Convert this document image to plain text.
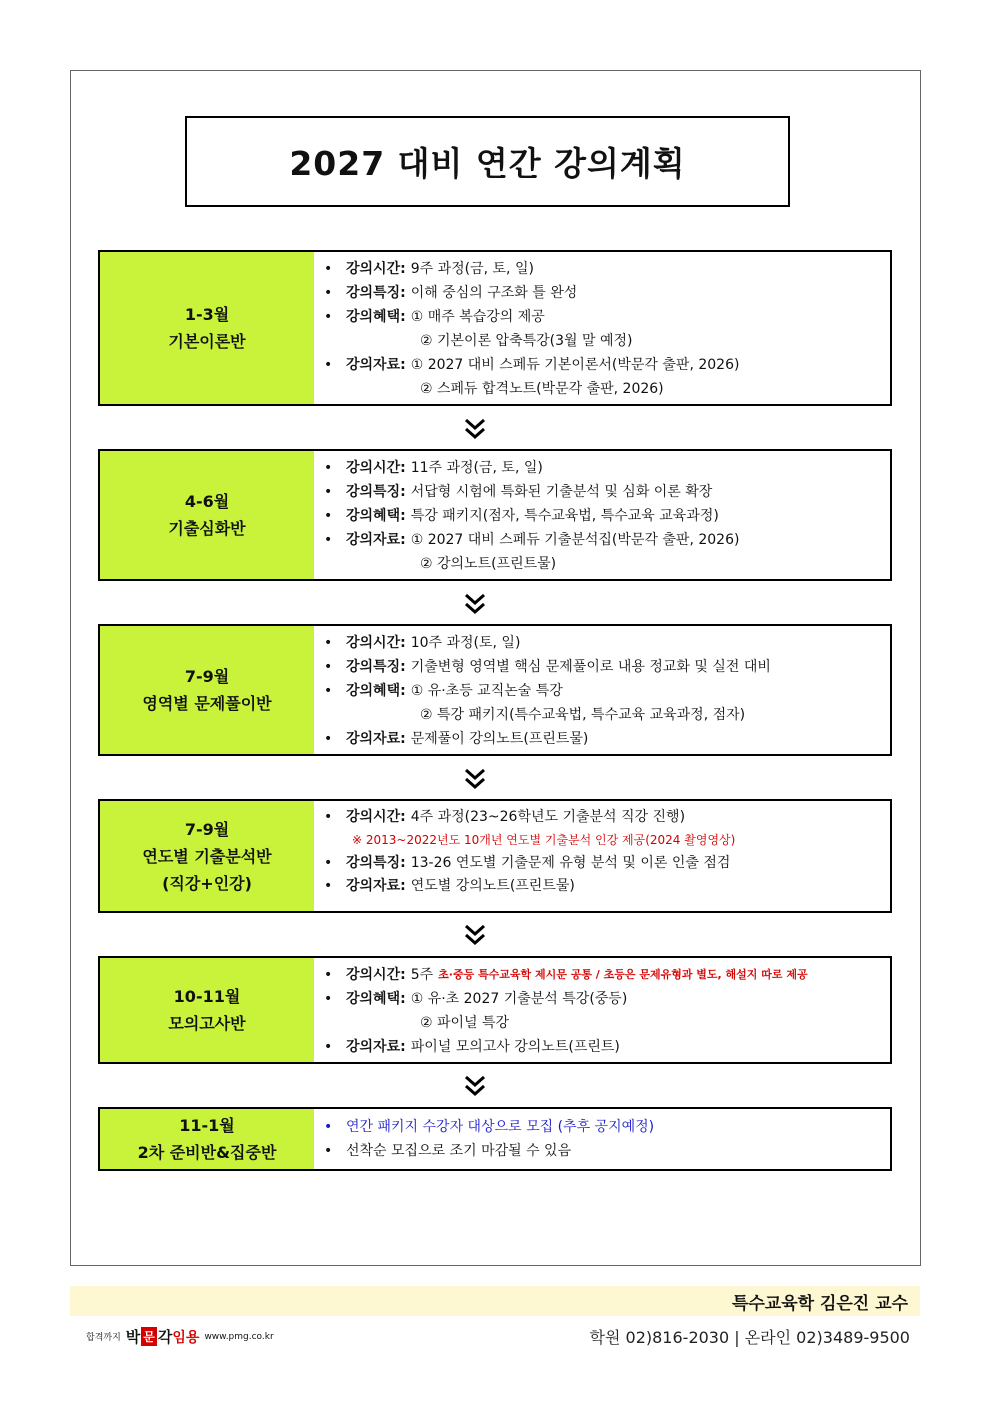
2027 대비 연간 강의계획
1-3월
기본이론반
• 강의시간: 9주 과정(금, 토, 일)
• 강의특징: 이해 중심의 구조화 틀 완성
• 강의혜택: ① 매주 복습강의 제공
② 기본이론 압축특강(3월 말 예정)
• 강의자료: ① 2027 대비 스페듀 기본이론서(박문각 출판, 2026)
② 스페듀 합격노트(박문각 출판, 2026)
4-6월
기출심화반
• 강의시간: 11주 과정(금, 토, 일)
• 강의특징: 서답형 시험에 특화된 기출분석 및 심화 이론 확장
• 강의혜택: 특강 패키지(점자, 특수교육법, 특수교육 교육과정)
• 강의자료: ① 2027 대비 스페듀 기출분석집(박문각 출판, 2026)
② 강의노트(프린트물)
7-9월
영역별 문제풀이반
• 강의시간: 10주 과정(토, 일)
• 강의특징: 기출변형 영역별 핵심 문제풀이로 내용 정교화 및 실전 대비
• 강의혜택: ① 유·초등 교직논술 특강
② 특강 패키지(특수교육법, 특수교육 교육과정, 점자)
• 강의자료: 문제풀이 강의노트(프린트물)
7-9월
연도별 기출분석반
(직강+인강)
• 강의시간: 4주 과정(23~26학년도 기출분석 직강 진행)
※ 2013~2022년도 10개년 연도별 기출분석 인강 제공(2024 촬영영상)
• 강의특징: 13-26 연도별 기출문제 유형 분석 및 이론 인출 점검
• 강의자료: 연도별 강의노트(프린트물)
10-11월
모의고사반
• 강의시간: 5주 초·중등 특수교육학 제시문 공통 / 초등은 문제유형과 별도, 해설지 따로 제공
• 강의혜택: ① 유·초 2027 기출분석 특강(중등)
② 파이널 특강
• 강의자료: 파이널 모의고사 강의노트(프린트)
11-1월
2차 준비반&집중반
• 연간 패키지 수강자 대상으로 모집 (추후 공지예정)
• 선착순 모집으로 조기 마감될 수 있음
특수교육학 김은진 교수
합격까지 박 문 각 임용 www.pmg.co.kr	학원 02)816-2030 | 온라인 02)3489-9500
